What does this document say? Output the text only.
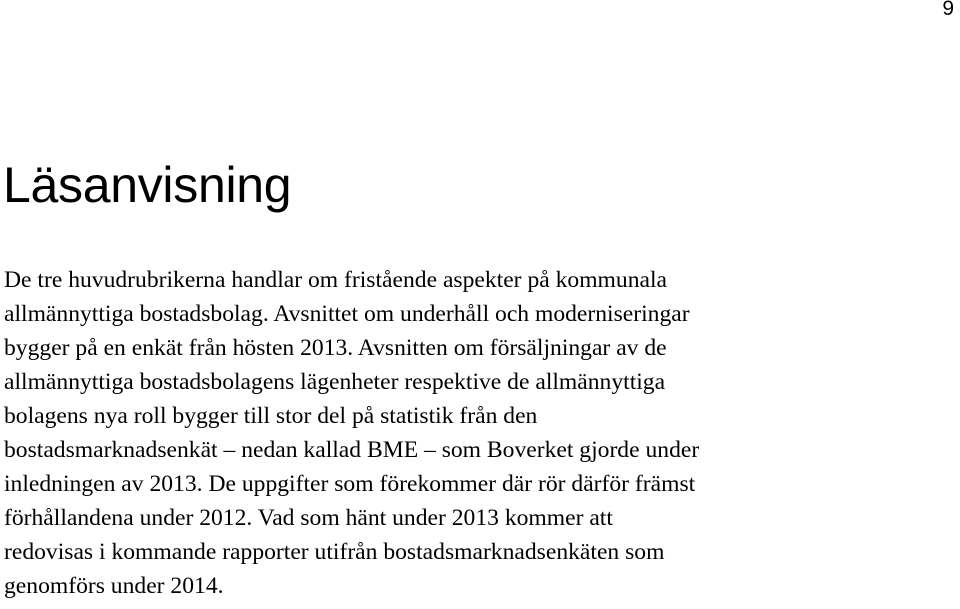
9
Läsanvisning

De tre huvudrubrikerna handlar om fristående aspekter på kommunala
allmännyttiga bostadsbolag. Avsnittet om underhåll och moderniseringar
bygger på en enkät från hösten 2013. Avsnitten om försäljningar av de
allmännyttiga bostadsbolagens lägenheter respektive de allmännyttiga
bolagens nya roll bygger till stor del på statistik från den
bostadsmarknadsenkät – nedan kallad BME – som Boverket gjorde under
inledningen av 2013. De uppgifter som förekommer där rör därför främst
förhållandena under 2012. Vad som hänt under 2013 kommer att
redovisas i kommande rapporter utifrån bostadsmarknadsenkäten som
genomförs under 2014.
